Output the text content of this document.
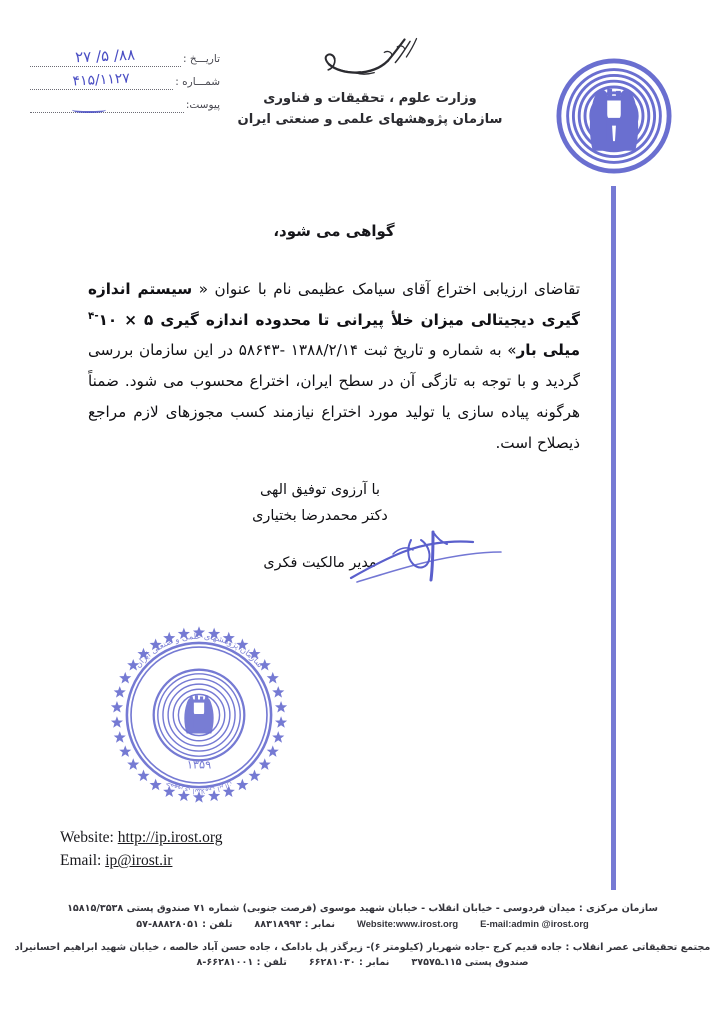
تاریـــخ :
۸۸/ ۵/ ۲۷
شمـــاره :
۴۱۵/۱۱۲۷
پیوست:	وزارت علوم ، تحقیقات و فناوری
سازمان پژوهشهای علمی و صنعتی ایران
گواهی می شود،

تقاضای ارزیابی اختراع آقای سیامک عظیمی نام با عنوان « سیستم اندازه گیری دیجیتالی میزان خلأ پیرانی تا محدوده اندازه گیری ۵ × $۱۰^{-۴}$ میلی بار» به شماره و تاریخ ثبت ۱۳۸۸/۲/۱۴ -۵۸۶۴۳ در این سازمان بررسی گردید و با توجه به تازگی آن در سطح ایران، اختراع محسوب می شود. ضمناً هرگونه پیاده سازی یا تولید مورد اختراع نیازمند کسب مجوزهای لازم مراجع ذیصلاح است.

با آرزوی توفیق الهی
دکتر محمدرضا بختیاری
مدیر مالکیت فکری
۱۳۵۹
سازمان پژوهشهای علمی و صنعتی ایران
جمهوری اسلامی ایران
Website: http://ip.irost.org
Email: ip@irost.ir
سازمان مرکزی : میدان فردوسی - خیابان انقلاب - خیابان شهید موسوی (فرصت جنوبی) شماره ۷۱ صندوق پستی ۱۵۸۱۵/۳۵۳۸
E-mail:admin @irost.org
Website:www.irost.org
نمابر : ۸۸۳۱۸۹۹۳
تلفن : ۸۸۸۲۸۰۵۱-۵۷
مجتمع تحقیقاتی عصر انقلاب : جاده قدیم کرج -جاده شهریار (کیلومتر ۶)- زیرگذر پل بادامک ، جاده حسن آباد خالصه ، خیابان شهید ابراهیم احسانیراد
صندوق پستی ۱۱۵ـ۳۷۵۷۵
نمابر : ۶۶۲۸۱۰۳۰
تلفن : ۶۶۲۸۱۰۰۱-۸
